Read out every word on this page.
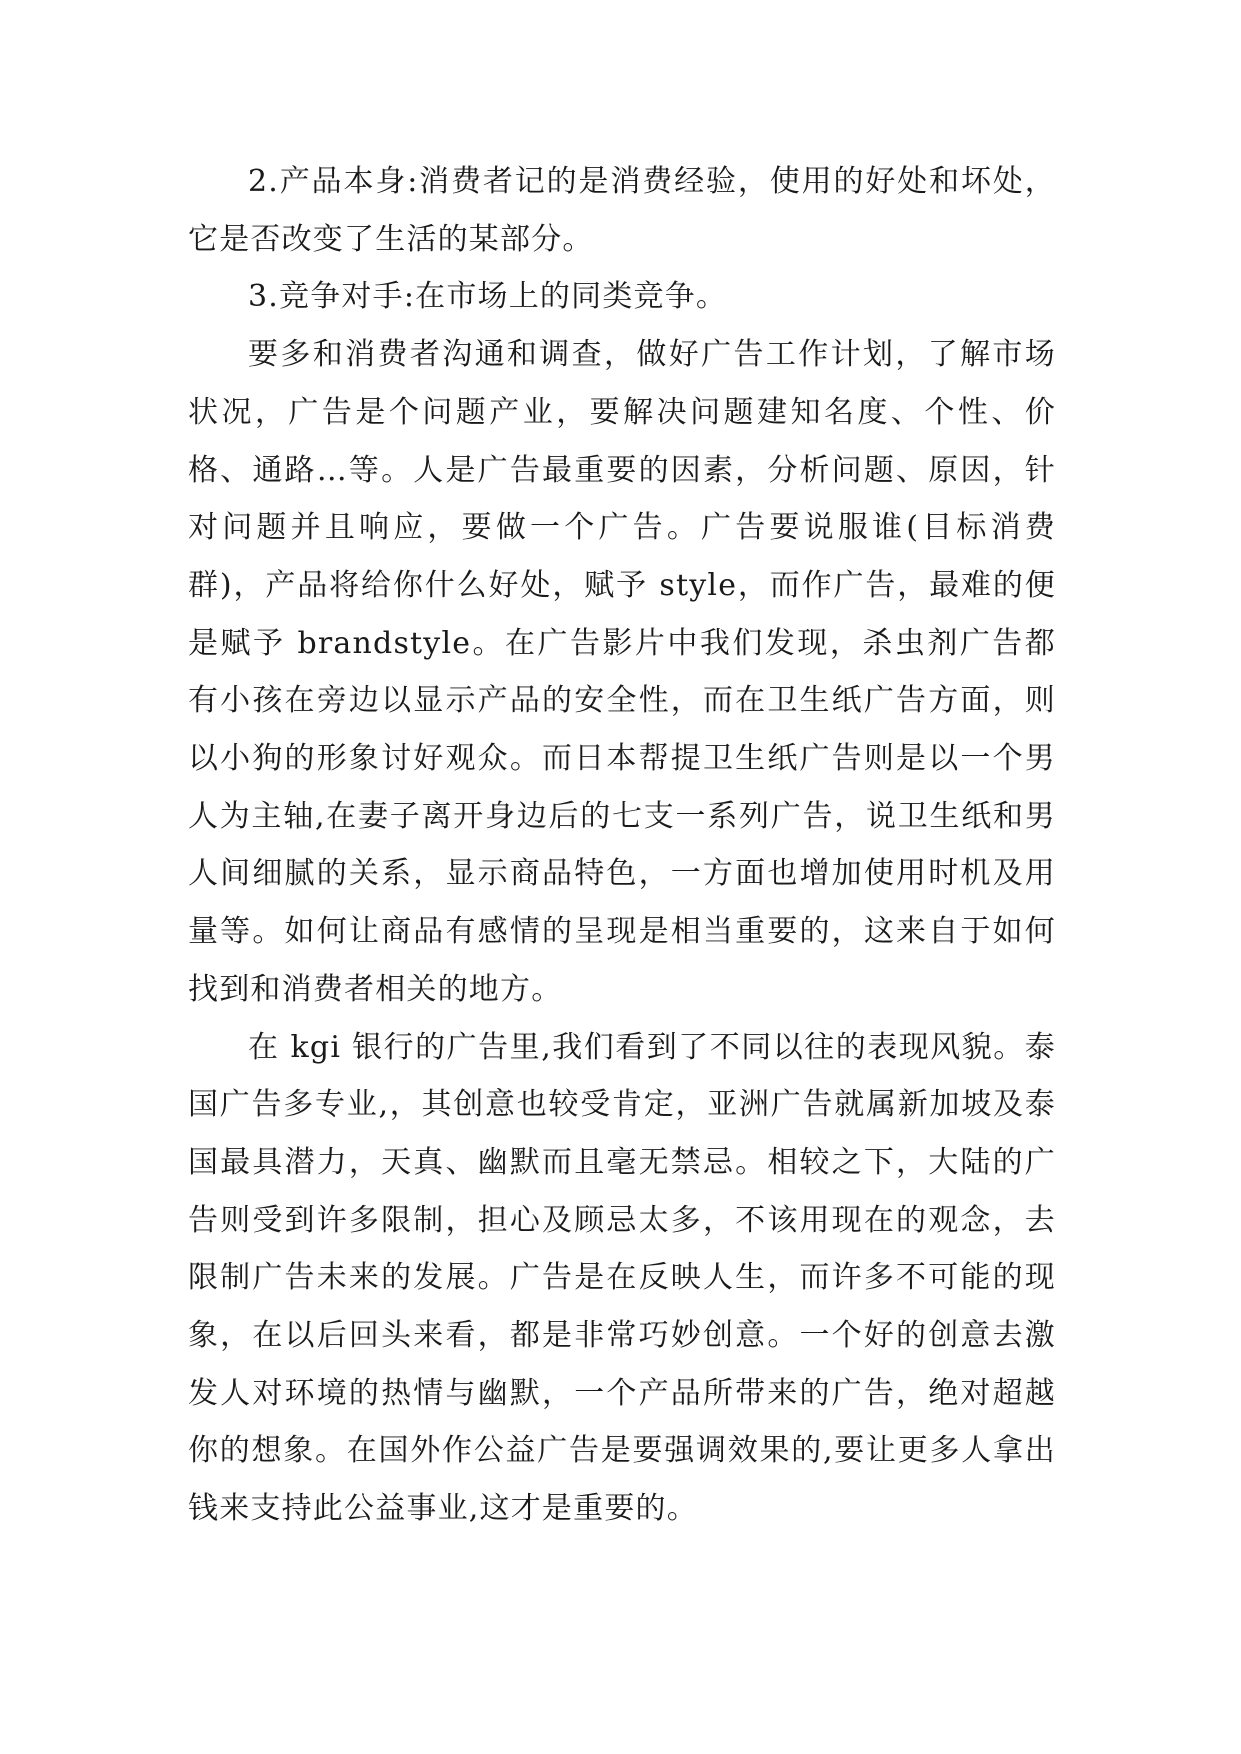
2.产品本身:消费者记的是消费经验，使用的好处和坏处，它是否改变了生活的某部分。

3.竞争对手:在市场上的同类竞争。

要多和消费者沟通和调查，做好广告工作计划，了解市场状况，广告是个问题产业，要解决问题建知名度、个性、价格、通路…等。人是广告最重要的因素，分析问题、原因，针对问题并且响应，要做一个广告。广告要说服谁(目标消费群)，产品将给你什么好处，赋予 style，而作广告，最难的便是赋予 brandstyle。在广告影片中我们发现，杀虫剂广告都有小孩在旁边以显示产品的安全性，而在卫生纸广告方面，则以小狗的形象讨好观众。而日本帮提卫生纸广告则是以一个男人为主轴,在妻子离开身边后的七支一系列广告，说卫生纸和男人间细腻的关系，显示商品特色，一方面也增加使用时机及用量等。如何让商品有感情的呈现是相当重要的，这来自于如何找到和消费者相关的地方。

在 kgi 银行的广告里,我们看到了不同以往的表现风貌。泰国广告多专业,，其创意也较受肯定，亚洲广告就属新加坡及泰国最具潜力，天真、幽默而且毫无禁忌。相较之下，大陆的广告则受到许多限制，担心及顾忌太多，不该用现在的观念，去限制广告未来的发展。广告是在反映人生，而许多不可能的现象，在以后回头来看，都是非常巧妙创意。一个好的创意去激发人对环境的热情与幽默，一个产品所带来的广告，绝对超越你的想象。在国外作公益广告是要强调效果的,要让更多人拿出钱来支持此公益事业,这才是重要的。
